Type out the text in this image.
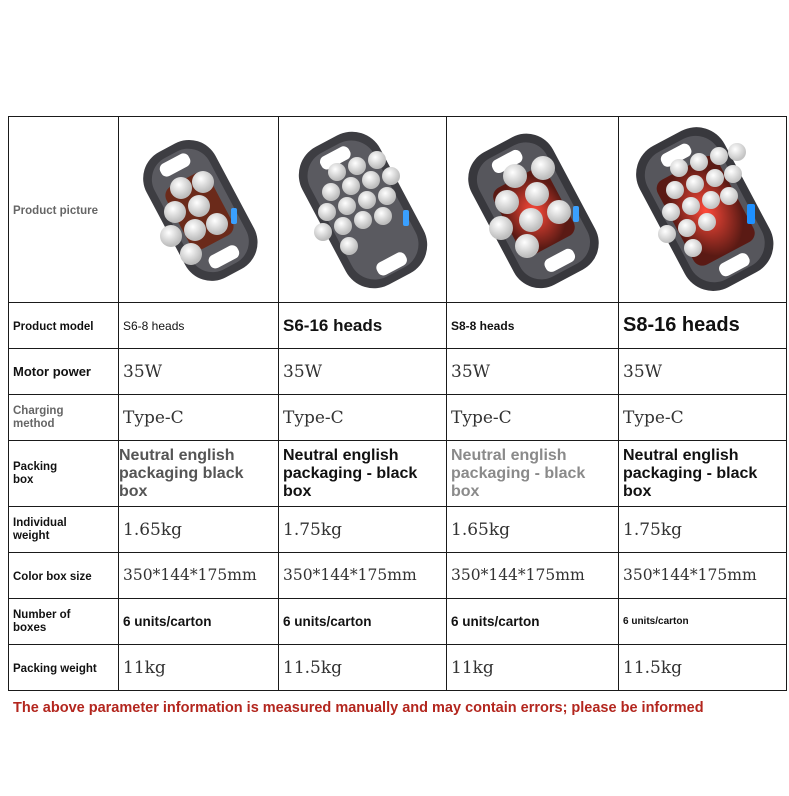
Product picture	

Product model	S6-8 heads	S6-16 heads	S8-8 heads	S8-16 heads
Motor power	35W	35W	35W	35W

Charging method	Type-C	Type-C	Type-C	Type-C

Packing box	Neutral english packaging black box	Neutral english packaging - black box	Neutral english packaging - black box	Neutral english packaging - black box

Individual weight	1.65kg	1.75kg	1.65kg	1.75kg
Color box size	350*144*175mm	350*144*175mm	350*144*175mm	350*144*175mm

Number of boxes	6 units/carton	6 units/carton	6 units/carton	6 units/carton

Packing weight	11kg	11.5kg	11kg	11.5kg
The above parameter information is measured manually and may contain errors; please be informed
